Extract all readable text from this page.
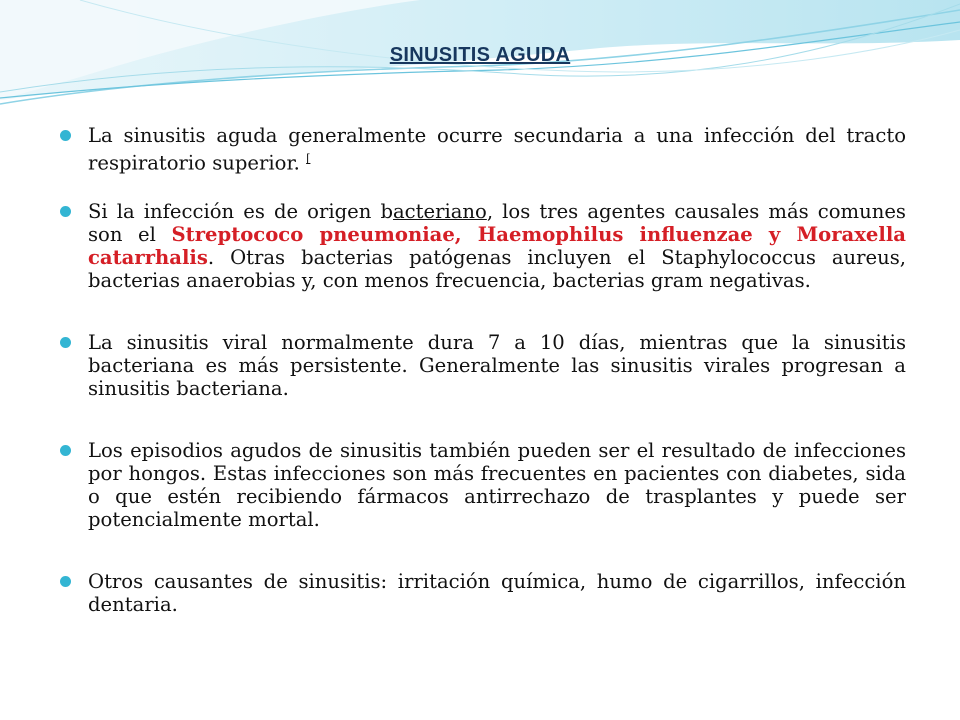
SINUSITIS AGUDA
La sinusitis aguda generalmente ocurre secundaria a una infección del tracto respiratorio superior. [
Si la infección es de origen bacteriano, los tres agentes causales más comunes son el Streptococo pneumoniae, Haemophilus influenzae y Moraxella catarrhalis. Otras bacterias patógenas incluyen el Staphylococcus aureus, bacterias anaerobias y, con menos frecuencia, bacterias gram negativas.
La sinusitis viral normalmente dura 7 a 10 días, mientras que la sinusitis bacteriana es más persistente. Generalmente las sinusitis virales progresan a sinusitis bacteriana.
Los episodios agudos de sinusitis también pueden ser el resultado de infecciones por hongos. Estas infecciones son más frecuentes en pacientes con diabetes, sida o que estén recibiendo fármacos antirrechazo de trasplantes y puede ser potencialmente mortal.
Otros causantes de sinusitis: irritación química, humo de cigarrillos, infección dentaria.
